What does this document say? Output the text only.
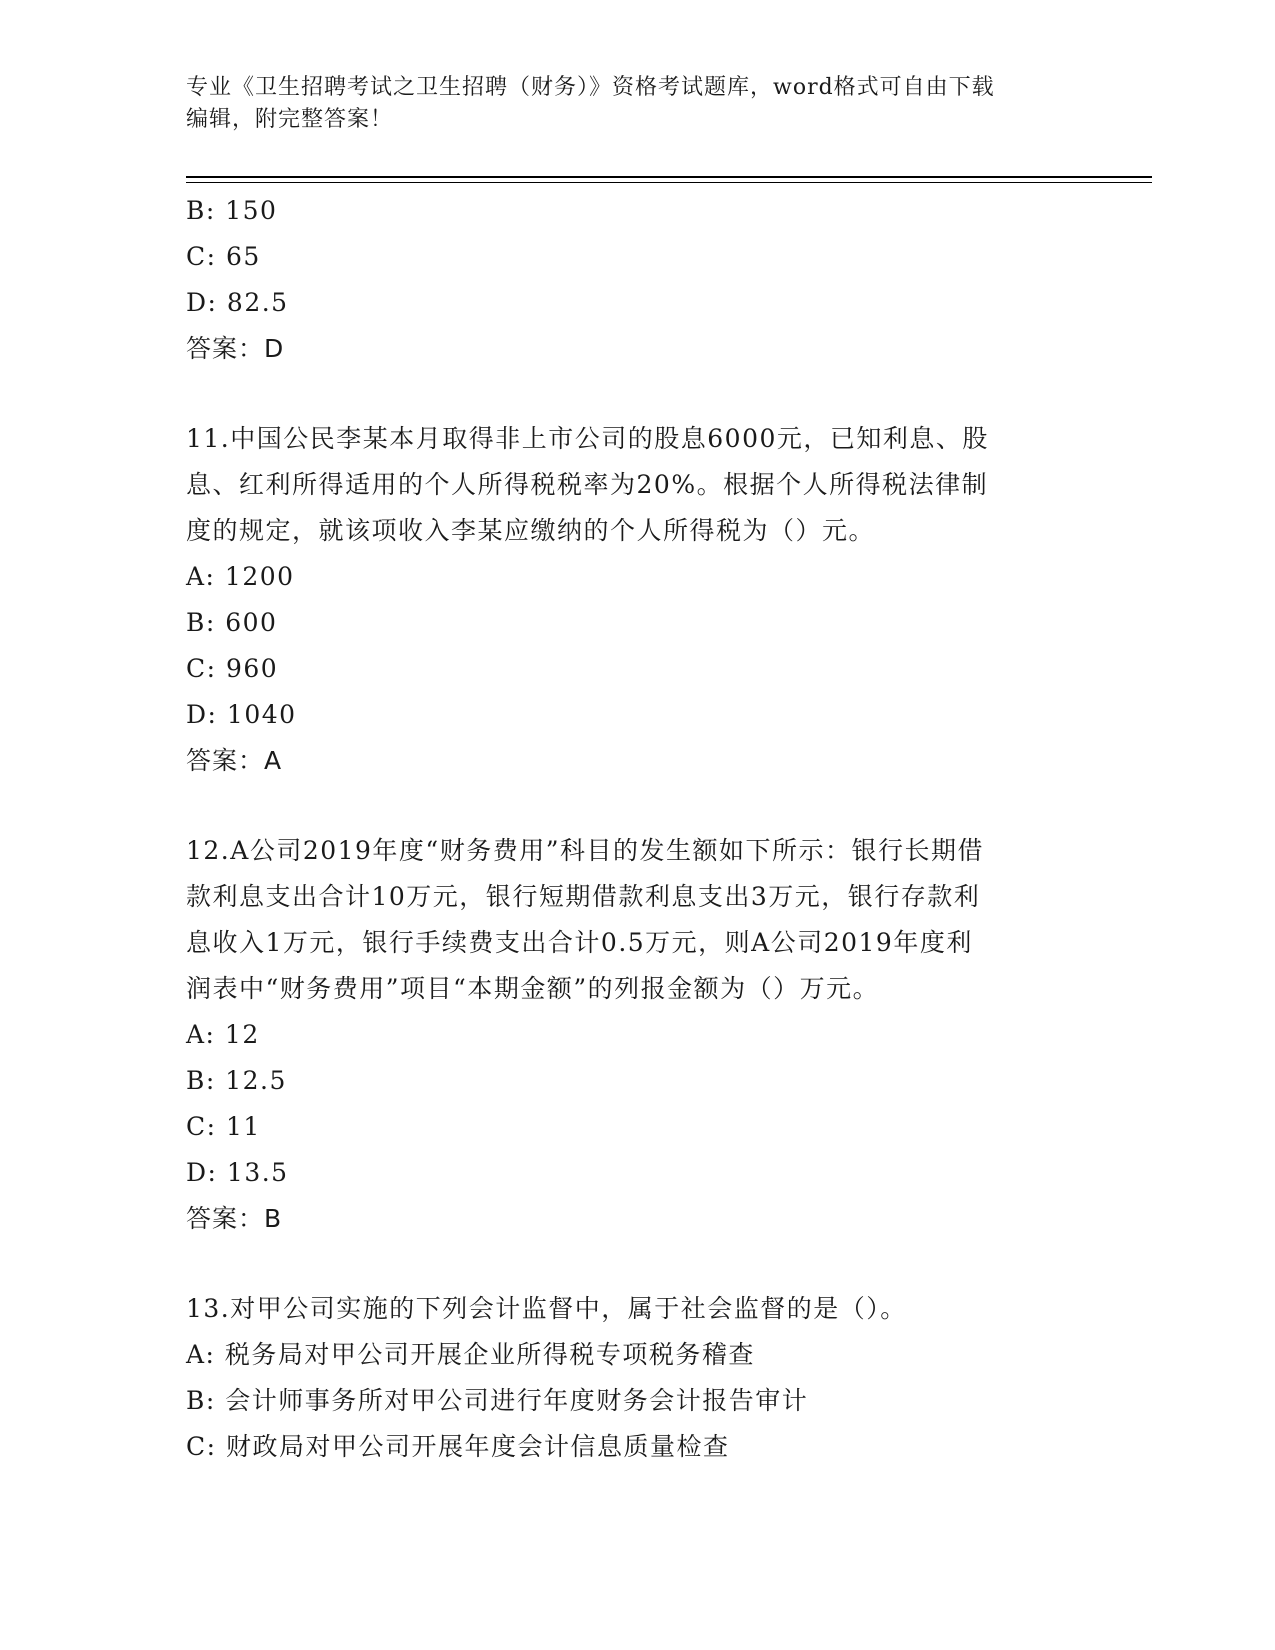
专业《卫生招聘考试之卫生招聘（财务）》资格考试题库，word格式可自由下载
编辑，附完整答案！
B: 150
C: 65
D: 82.5
答案：D
11.中国公民李某本月取得非上市公司的股息6000元，已知利息、股
息、红利所得适用的个人所得税税率为20%。根据个人所得税法律制
度的规定，就该项收入李某应缴纳的个人所得税为（）元。
A: 1200
B: 600
C: 960
D: 1040
答案：A
12.A公司2019年度“财务费用”科目的发生额如下所示：银行长期借
款利息支出合计10万元，银行短期借款利息支出3万元，银行存款利
息收入1万元，银行手续费支出合计0.5万元，则A公司2019年度利
润表中“财务费用”项目“本期金额”的列报金额为（）万元。
A: 12
B: 12.5
C: 11
D: 13.5
答案：B
13.对甲公司实施的下列会计监督中，属于社会监督的是（）。
A: 税务局对甲公司开展企业所得税专项税务稽查
B: 会计师事务所对甲公司进行年度财务会计报告审计
C: 财政局对甲公司开展年度会计信息质量检查
